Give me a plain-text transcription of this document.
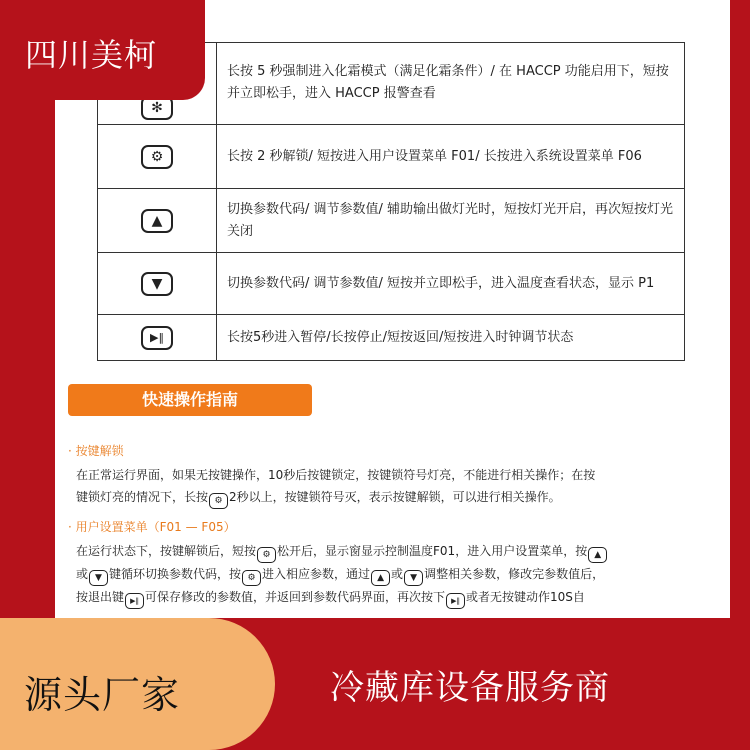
✻	长按 5 秒强制进入化霜模式（满足化霜条件）/ 在 HACCP 功能启用下，短按并立即松手，进入 HACCP 报警查看
⚙	长按 2 秒解锁/ 短按进入用户设置菜单 F01/ 长按进入系统设置菜单 F06
▲	切换参数代码/ 调节参数值/ 辅助输出做灯光时，短按灯光开启，再次短按灯光关闭
▼	切换参数代码/ 调节参数值/ 短按并立即松手，进入温度查看状态，显示 P1
▶‖	长按5秒进入暂停/长按停止/短按返回/短按进入时钟调节状态
快速操作指南
· 按键解锁
在正常运行界面，如果无按键操作，10秒后按键锁定，按键锁符号灯亮，不能进行相关操作；在按
键锁灯亮的情况下，长按 ⚙ 2秒以上，按键锁符号灭，表示按键解锁，可以进行相关操作。
· 用户设置菜单（F01 — F05）
在运行状态下，按键解锁后，短按 ⚙ 松开后，显示窗显示控制温度F01，进入用户设置菜单，按 ▲
或 ▼ 键循环切换参数代码，按 ⚙ 进入相应参数，通过 ▲ 或 ▼ 调整相关参数，修改完参数值后，
按退出键 ▶‖ 可保存修改的参数值，并返回到参数代码界面，再次按下 ▶‖ 或者无按键动作10S自
四川美柯
源头厂家	冷藏库设备服务商
